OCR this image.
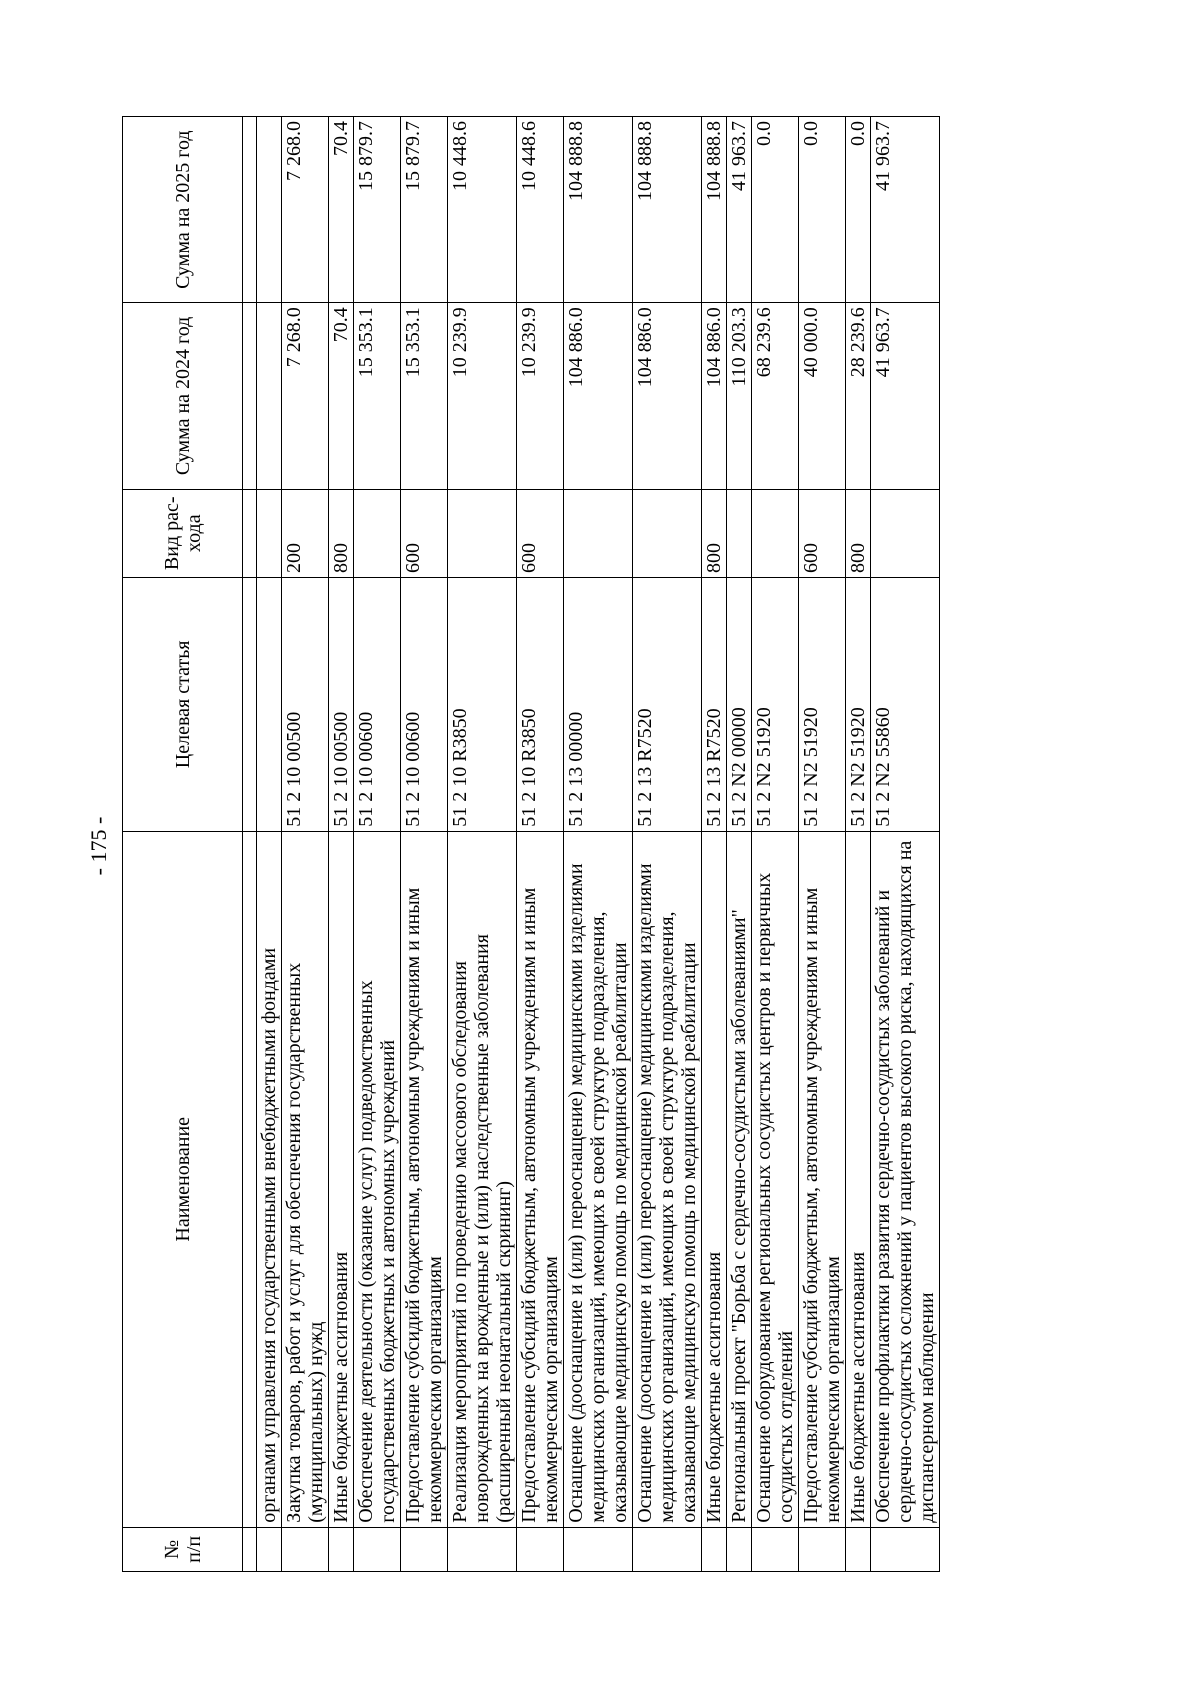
- 175 -
№ п/п	Наименование	Целевая статья	Вид рас- хода	Сумма на 2024 год	Сумма на 2025 год

	органами управления государственными внебюджетными фондами				
	Закупка товаров, работ и услуг для обеспечения государственных (муниципальных) нужд	51 2 10 00500	200	7 268.0	7 268.0
	Иные бюджетные ассигнования	51 2 10 00500	800	70.4	70.4
	Обеспечение деятельности (оказание услуг) подведомственных государственных бюджетных и автономных учреждений	51 2 10 00600		15 353.1	15 879.7
	Предоставление субсидий бюджетным, автономным учреждениям и иным некоммерческим организациям	51 2 10 00600	600	15 353.1	15 879.7
	Реализация мероприятий по проведению массового обследования новорожденных на врожденные и (или) наследственные заболевания (расширенный неонатальный скрининг)	51 2 10 R3850		10 239.9	10 448.6
	Предоставление субсидий бюджетным, автономным учреждениям и иным некоммерческим организациям	51 2 10 R3850	600	10 239.9	10 448.6
	Оснащение (дооснащение и (или) переоснащение) медицинскими изделиями медицинских организаций, имеющих в своей структуре подразделения, оказывающие медицинскую помощь по медицинской реабилитации	51 2 13 00000		104 886.0	104 888.8
	Оснащение (дооснащение и (или) переоснащение) медицинскими изделиями медицинских организаций, имеющих в своей структуре подразделения, оказывающие медицинскую помощь по медицинской реабилитации	51 2 13 R7520		104 886.0	104 888.8
	Иные бюджетные ассигнования	51 2 13 R7520	800	104 886.0	104 888.8
	Региональный проект "Борьба с сердечно-сосудистыми заболеваниями"	51 2 N2 00000		110 203.3	41 963.7
	Оснащение оборудованием региональных сосудистых центров и первичных сосудистых отделений	51 2 N2 51920		68 239.6	0.0
	Предоставление субсидий бюджетным, автономным учреждениям и иным некоммерческим организациям	51 2 N2 51920	600	40 000.0	0.0
	Иные бюджетные ассигнования	51 2 N2 51920	800	28 239.6	0.0
	Обеспечение профилактики развития сердечно-сосудистых заболеваний и сердечно-сосудистых осложнений у пациентов высокого риска, находящихся на диспансерном наблюдении	51 2 N2 55860		41 963.7	41 963.7
